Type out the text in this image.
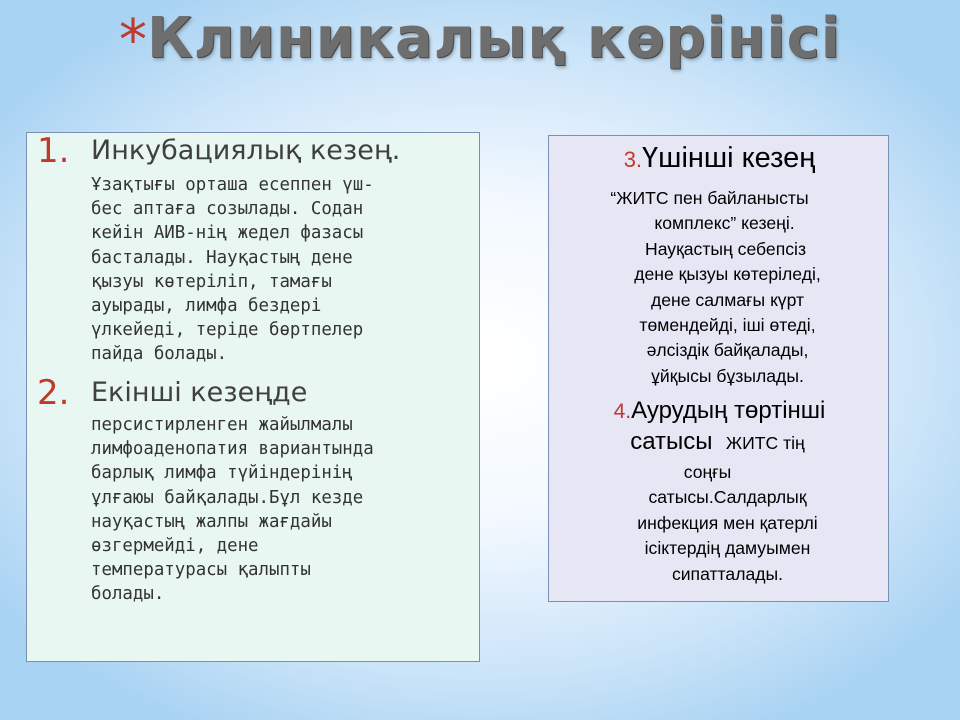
*Клиникалық көрінісі
1. Инкубациялық кезең.
Ұзақтығы орташа есеппен үш-
бес аптаға созылады. Содан
кейін АИВ-нің жедел фазасы
басталады. Науқастың дене
қызуы көтеріліп, тамағы
ауырады, лимфа бездері
үлкейеді, теріде бөртпелер
пайда болады.
2. Екінші кезеңде
персистирленген жайылмалы
лимфоаденопатия вариантында
барлық лимфа түйіндерінің
ұлғаюы байқалады.Бұл кезде
науқастың жалпы жағдайы
өзгермейді, дене
температурасы қалыпты
болады.
3.Үшінші кезең
“ЖИТС пен байланысты
комплекс” кезеңі.
Науқастың себепсіз
дене қызуы көтеріледі,
дене салмағы күрт
төмендейді, іші өтеді,
әлсіздік байқалады,
ұйқысы бұзылады.
4.Аурудың төртінші
сатысы ЖИТС тің
соңғы
сатысы.Салдарлық
инфекция мен қатерлі
ісіктердің дамуымен
сипатталады.
